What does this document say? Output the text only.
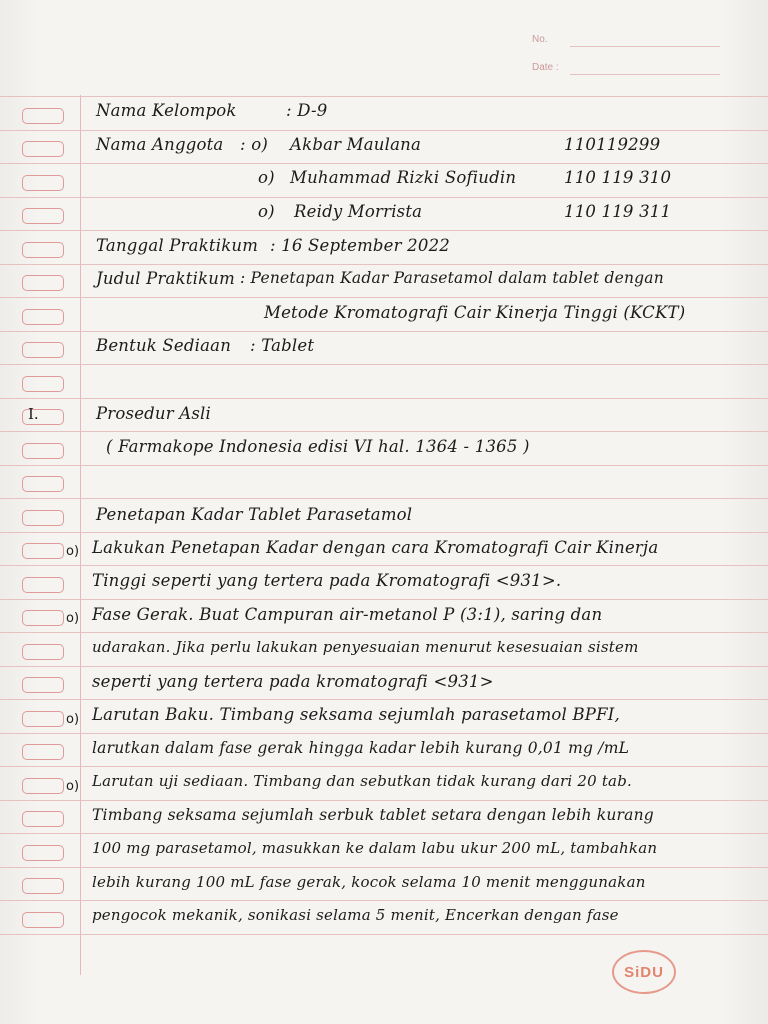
No.
Date :
I.
Nama Kelompok	: D-9
Nama Anggota : o) Akbar Maulana	110119299
o) Muhammad Rizki Sofiudin	110 119 310
o) Reidy Morrista	110 119 311
Tanggal Praktikum : 16 September 2022
Judul Praktikum : Penetapan Kadar Parasetamol dalam tablet dengan
Metode Kromatografi Cair Kinerja Tinggi (KCKT)
Bentuk Sediaan : Tablet
Prosedur Asli
( Farmakope Indonesia edisi VI hal. 1364 - 1365 )
Penetapan Kadar Tablet Parasetamol
o) Lakukan Penetapan Kadar dengan cara Kromatografi Cair Kinerja
Tinggi seperti yang tertera pada Kromatografi <931>.
o) Fase Gerak. Buat Campuran air-metanol P (3:1), saring dan
udarakan. Jika perlu lakukan penyesuaian menurut kesesuaian sistem
seperti yang tertera pada kromatografi <931>
o) Larutan Baku. Timbang seksama sejumlah parasetamol BPFI,
larutkan dalam fase gerak hingga kadar lebih kurang 0,01 mg /mL
o) Larutan uji sediaan. Timbang dan sebutkan tidak kurang dari 20 tab.
Timbang seksama sejumlah serbuk tablet setara dengan lebih kurang
100 mg parasetamol, masukkan ke dalam labu ukur 200 mL, tambahkan
lebih kurang 100 mL fase gerak, kocok selama 10 menit menggunakan
pengocok mekanik, sonikasi selama 5 menit, Encerkan dengan fase
SiDU
